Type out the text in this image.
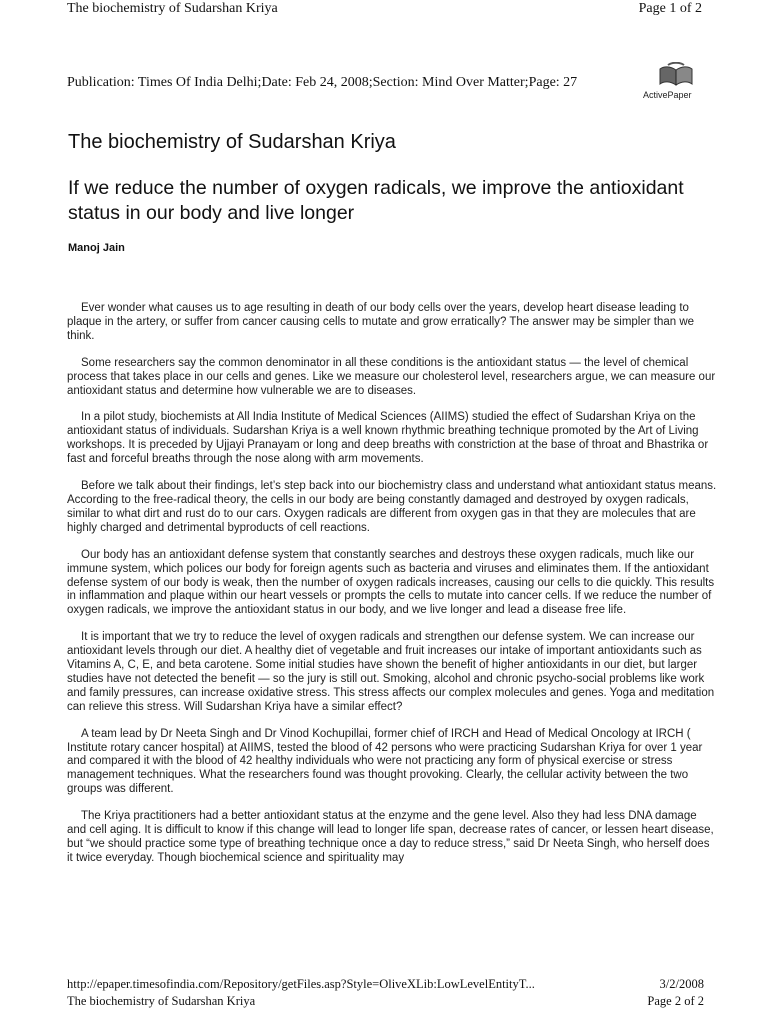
The biochemistry of Sudarshan Kriya	Page 1 of 2
Publication: Times Of India Delhi;Date: Feb 24, 2008;Section: Mind Over Matter;Page: 27
ActivePaper
The biochemistry of Sudarshan Kriya
If we reduce the number of oxygen radicals, we improve the antioxidant status in our body and live longer
Manoj Jain

Ever wonder what causes us to age resulting in death of our body cells over the years, develop heart disease leading to plaque in the artery, or suffer from cancer causing cells to mutate and grow erratically? The answer may be simpler than we think.

Some researchers say the common denominator in all these conditions is the antioxidant status — the level of chemical process that takes place in our cells and genes. Like we measure our cholesterol level, researchers argue, we can measure our antioxidant status and determine how vulnerable we are to diseases.

In a pilot study, biochemists at All India Institute of Medical Sciences (AIIMS) studied the effect of Sudarshan Kriya on the antioxidant status of individuals. Sudarshan Kriya is a well known rhythmic breathing technique promoted by the Art of Living workshops. It is preceded by Ujjayi Pranayam or long and deep breaths with constriction at the base of throat and Bhastrika or fast and forceful breaths through the nose along with arm movements.

Before we talk about their findings, let’s step back into our biochemistry class and understand what antioxidant status means. According to the free-radical theory, the cells in our body are being constantly damaged and destroyed by oxygen radicals, similar to what dirt and rust do to our cars. Oxygen radicals are different from oxygen gas in that they are molecules that are highly charged and detrimental byproducts of cell reactions.

Our body has an antioxidant defense system that constantly searches and destroys these oxygen radicals, much like our immune system, which polices our body for foreign agents such as bacteria and viruses and eliminates them. If the antioxidant defense system of our body is weak, then the number of oxygen radicals increases, causing our cells to die quickly. This results in inflammation and plaque within our heart vessels or prompts the cells to mutate into cancer cells. If we reduce the number of oxygen radicals, we improve the antioxidant status in our body, and we live longer and lead a disease free life.

It is important that we try to reduce the level of oxygen radicals and strengthen our defense system. We can increase our antioxidant levels through our diet. A healthy diet of vegetable and fruit increases our intake of important antioxidants such as Vitamins A, C, E, and beta carotene. Some initial studies have shown the benefit of higher antioxidants in our diet, but larger studies have not detected the benefit — so the jury is still out. Smoking, alcohol and chronic psycho-social problems like work and family pressures, can increase oxidative stress. This stress affects our complex molecules and genes. Yoga and meditation can relieve this stress. Will Sudarshan Kriya have a similar effect?

A team lead by Dr Neeta Singh and Dr Vinod Kochupillai, former chief of IRCH and Head of Medical Oncology at IRCH ( Institute rotary cancer hospital) at AIIMS, tested the blood of 42 persons who were practicing Sudarshan Kriya for over 1 year and compared it with the blood of 42 healthy individuals who were not practicing any form of physical exercise or stress management techniques. What the researchers found was thought provoking. Clearly, the cellular activity between the two groups was different.

The Kriya practitioners had a better antioxidant status at the enzyme and the gene level. Also they had less DNA damage and cell aging. It is difficult to know if this change will lead to longer life span, decrease rates of cancer, or lessen heart disease, but “we should practice some type of breathing technique once a day to reduce stress,” said Dr Neeta Singh, who herself does it twice everyday. Though biochemical science and spirituality may

http://epaper.timesofindia.com/Repository/getFiles.asp?Style=OliveXLib:LowLevelEntityT...	3/2/2008
The biochemistry of Sudarshan Kriya	Page 2 of 2
